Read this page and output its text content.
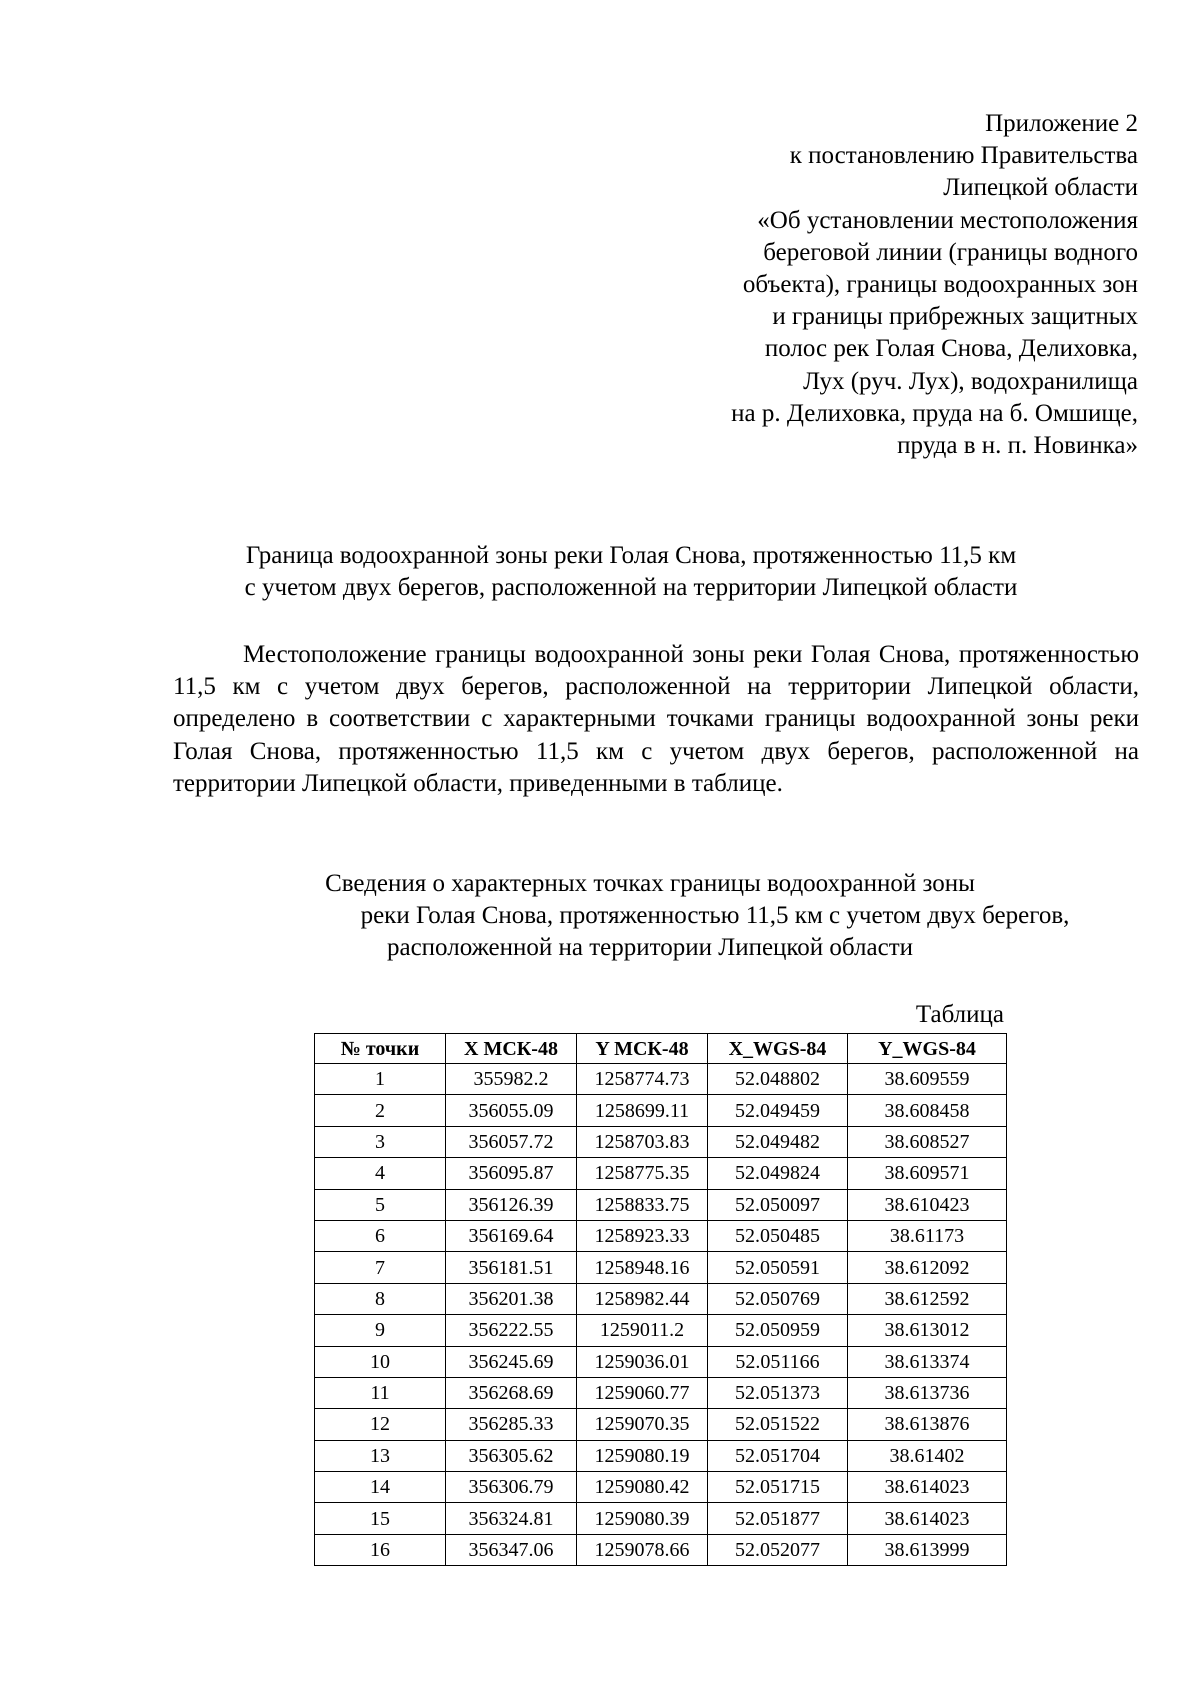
Приложение 2
к постановлению Правительства
Липецкой области
«Об установлении местоположения
береговой линии (границы водного
объекта), границы водоохранных зон
и границы прибрежных защитных
полос рек Голая Снова, Делиховка,
Лух (руч. Лух), водохранилища
на р. Делиховка, пруда на б. Омшище,
пруда в н. п. Новинка»
Граница водоохранной зоны реки Голая Снова, протяженностью 11,5 км
с учетом двух берегов, расположенной на территории Липецкой области

Местоположение границы водоохранной зоны реки Голая Снова, протяженностью 11,5 км с учетом двух берегов, расположенной на территории Липецкой области, определено в соответствии с характерными точками границы водоохранной зоны реки Голая Снова, протяженностью 11,5 км с учетом двух берегов, расположенной на территории Липецкой области, приведенными в таблице.

Сведения о характерных точках границы водоохранной зоны
реки Голая Снова, протяженностью 11,5 км с учетом двух берегов,
расположенной на территории Липецкой области
Таблица
№ точки	X МСК-48	Y МСК-48	X_WGS-84	Y_WGS-84
1	355982.2	1258774.73	52.048802	38.609559
2	356055.09	1258699.11	52.049459	38.608458
3	356057.72	1258703.83	52.049482	38.608527
4	356095.87	1258775.35	52.049824	38.609571
5	356126.39	1258833.75	52.050097	38.610423
6	356169.64	1258923.33	52.050485	38.61173
7	356181.51	1258948.16	52.050591	38.612092
8	356201.38	1258982.44	52.050769	38.612592
9	356222.55	1259011.2	52.050959	38.613012
10	356245.69	1259036.01	52.051166	38.613374
11	356268.69	1259060.77	52.051373	38.613736
12	356285.33	1259070.35	52.051522	38.613876
13	356305.62	1259080.19	52.051704	38.61402
14	356306.79	1259080.42	52.051715	38.614023
15	356324.81	1259080.39	52.051877	38.614023
16	356347.06	1259078.66	52.052077	38.613999
